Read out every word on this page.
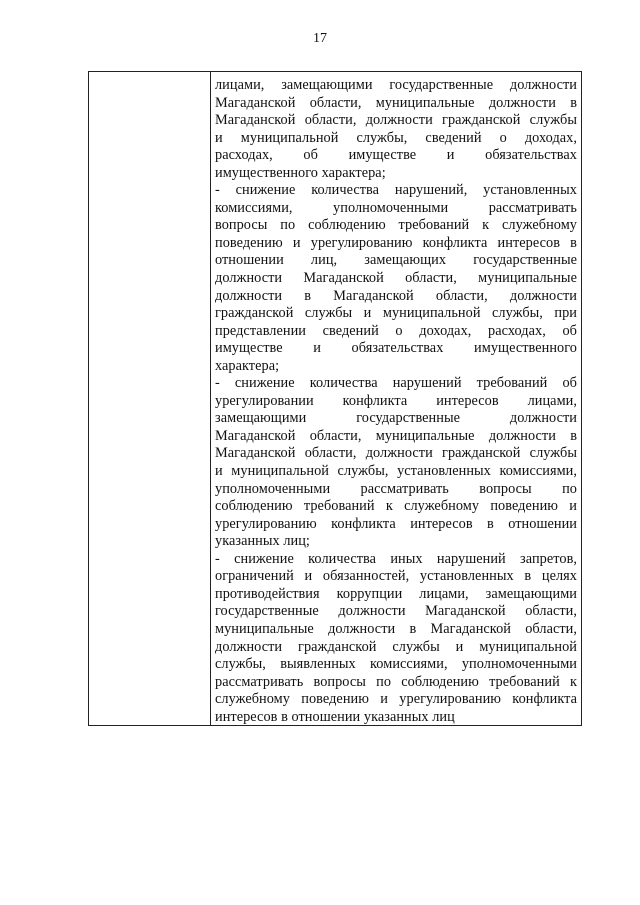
17
лицами, замещающими государственные должности
Магаданской области, муниципальные должности в
Магаданской области, должности гражданской службы
и муниципальной службы, сведений о доходах,
расходах, об имуществе и обязательствах
имущественного характера;
- снижение количества нарушений, установленных
комиссиями, уполномоченными рассматривать
вопросы по соблюдению требований к служебному
поведению и урегулированию конфликта интересов в
отношении лиц, замещающих государственные
должности Магаданской области, муниципальные
должности в Магаданской области, должности
гражданской службы и муниципальной службы, при
представлении сведений о доходах, расходах, об
имуществе и обязательствах имущественного
характера;
- снижение количества нарушений требований об
урегулировании конфликта интересов лицами,
замещающими государственные должности
Магаданской области, муниципальные должности в
Магаданской области, должности гражданской службы
и муниципальной службы, установленных комиссиями,
уполномоченными рассматривать вопросы по
соблюдению требований к служебному поведению и
урегулированию конфликта интересов в отношении
указанных лиц;
- снижение количества иных нарушений запретов,
ограничений и обязанностей, установленных в целях
противодействия коррупции лицами, замещающими
государственные должности Магаданской области,
муниципальные должности в Магаданской области,
должности гражданской службы и муниципальной
службы, выявленных комиссиями, уполномоченными
рассматривать вопросы по соблюдению требований к
служебному поведению и урегулированию конфликта
интересов в отношении указанных лиц
